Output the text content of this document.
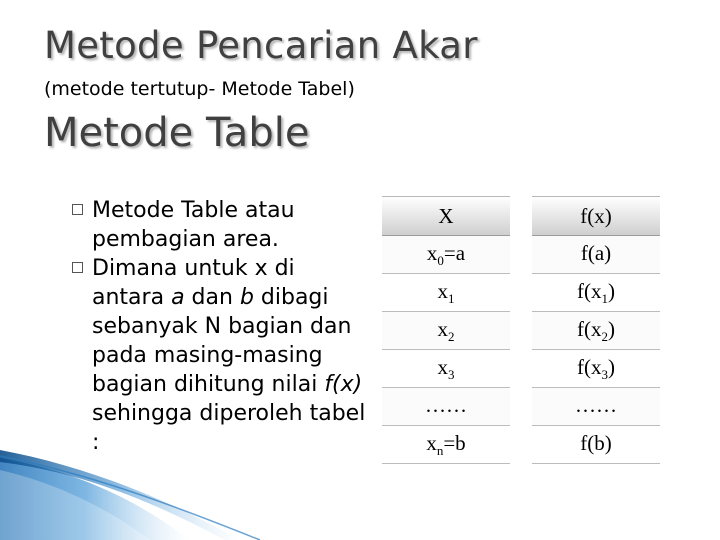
Metode Pencarian Akar
(metode tertutup- Metode Tabel)
Metode Table
Metode Table atau pembagian area.
Dimana untuk x di antara a dan b dibagi sebanyak N bagian dan pada masing-masing bagian dihitung nilai f(x) sehingga diperoleh tabel :
X		f(x)
$x_0=a$		f(a)
$x_1$		$f(x_1)$
$x_2$		$f(x_2)$
$x_3$		$f(x_3)$
……		……
$x_n=b$		f(b)
